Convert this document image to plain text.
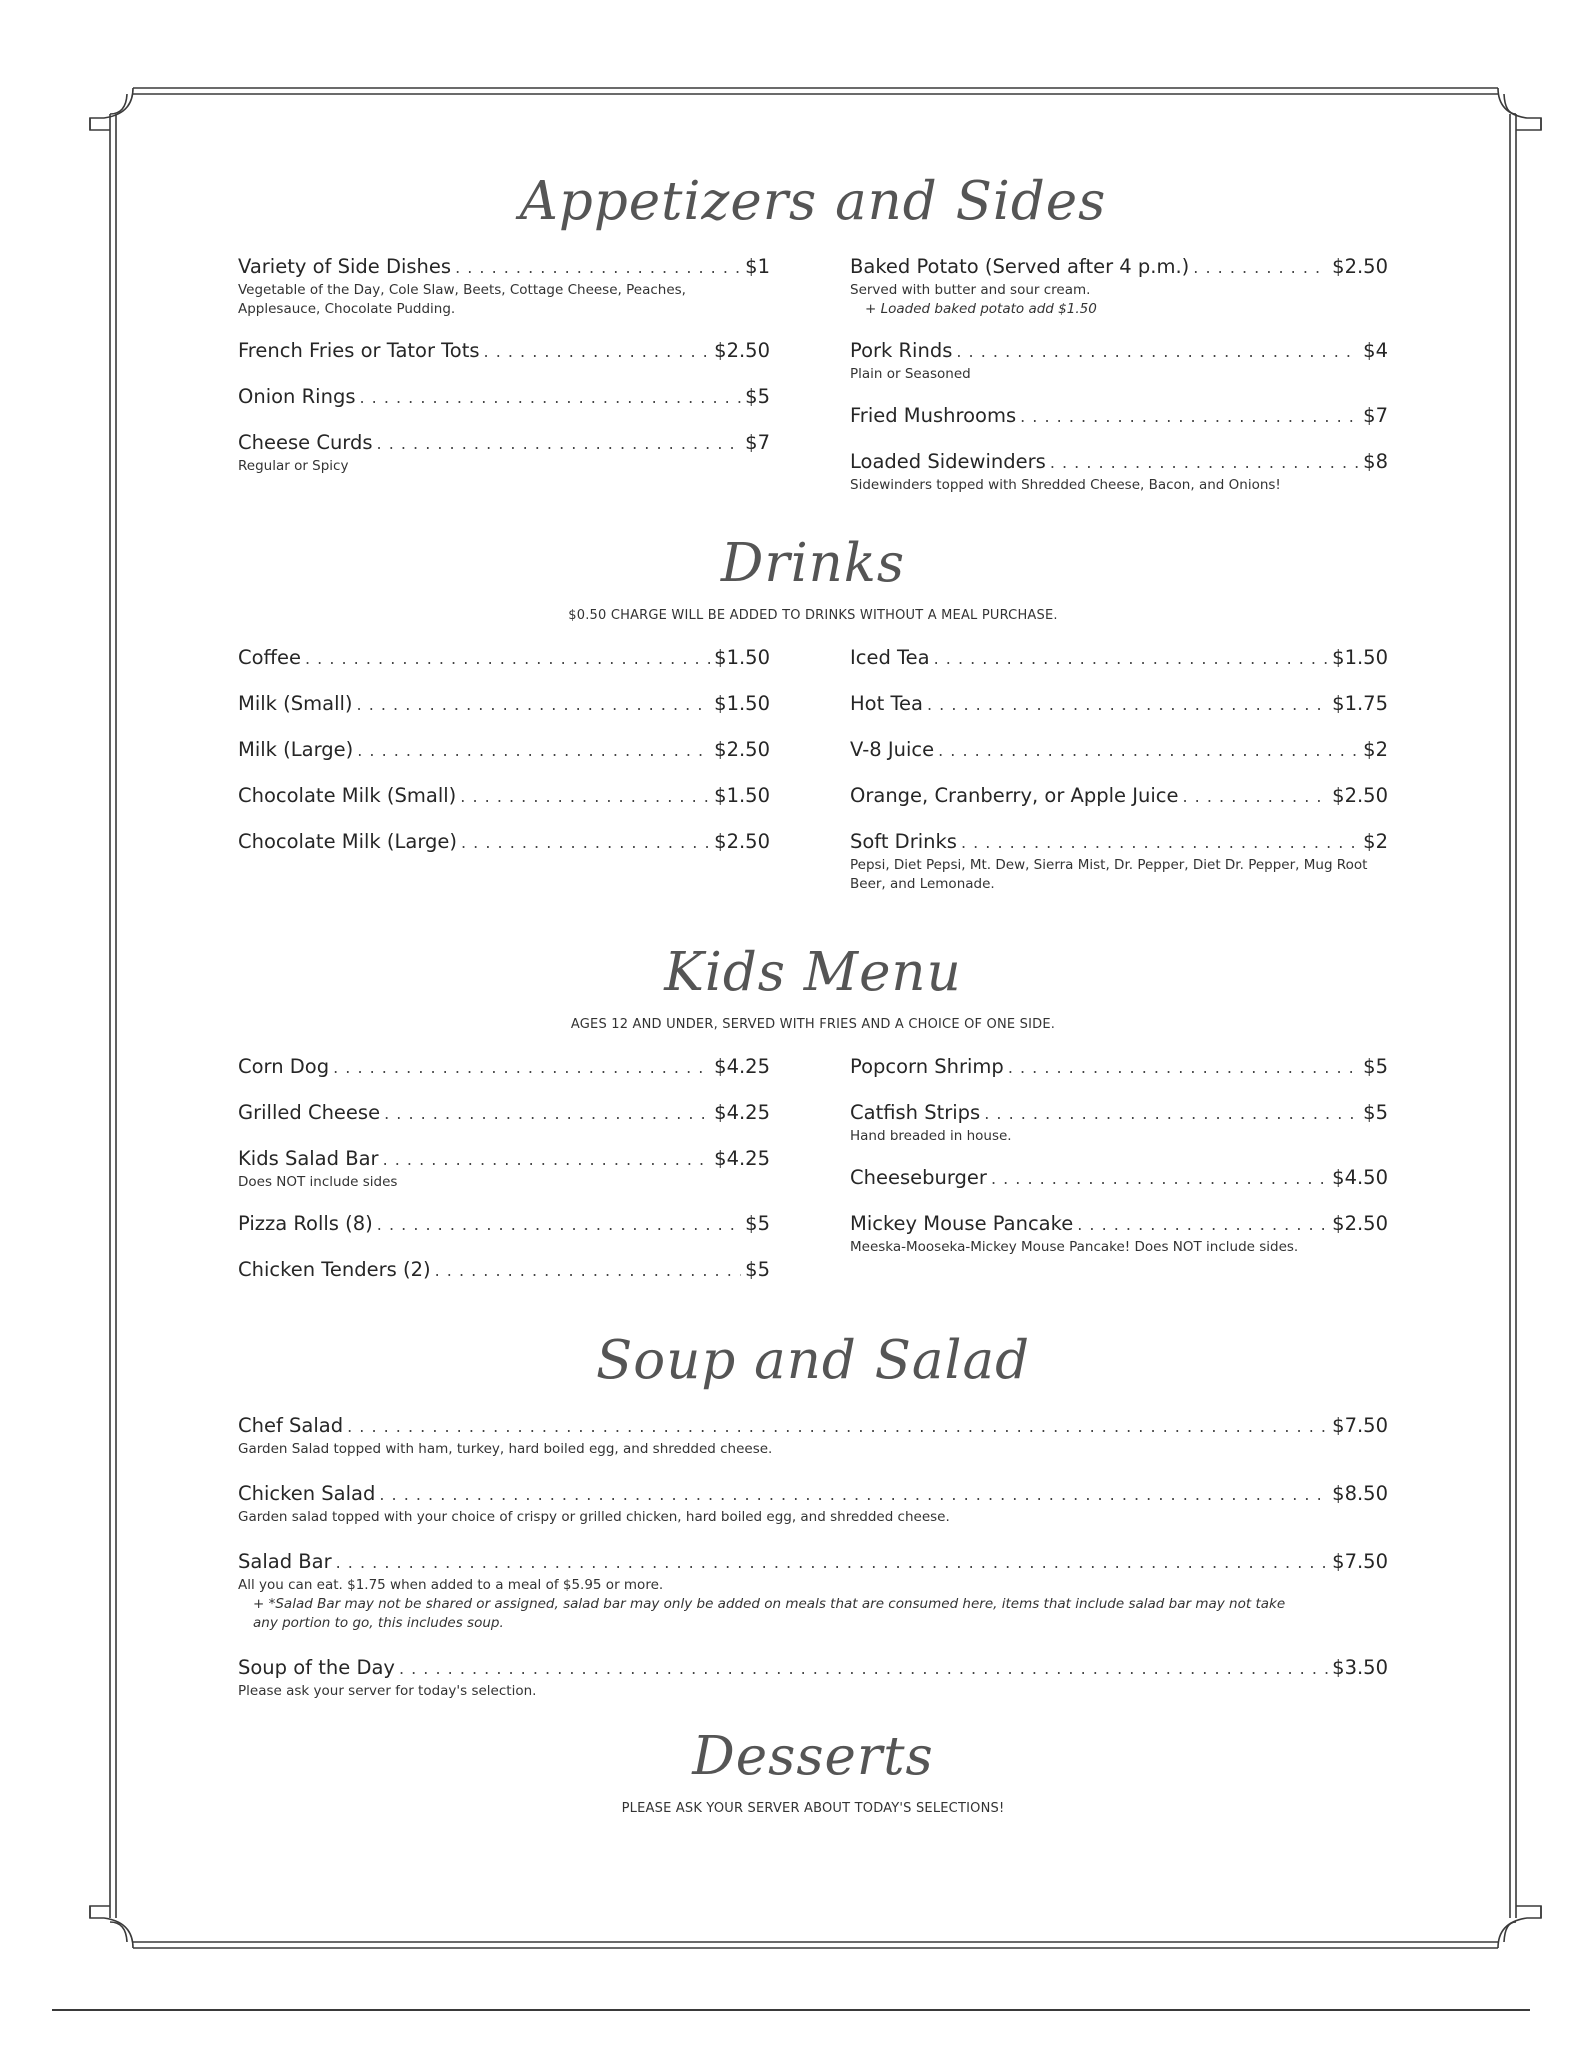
Appetizers and Sides
Variety of Side Dishes . . .	$1
Vegetable of the Day, Cole Slaw, Beets, Cottage Cheese, Peaches, Applesauce, Chocolate Pudding.
French Fries or Tator Tots . . .	$2.50
Onion Rings . . .	$5
Cheese Curds . . .	$7
Regular or Spicy
Baked Potato (Served after 4 p.m.) . . .	$2.50
Served with butter and sour cream.
+ Loaded baked potato add $1.50
Pork Rinds . . .	$4
Plain or Seasoned
Fried Mushrooms . . .	$7
Loaded Sidewinders . . .	$8
Sidewinders topped with Shredded Cheese, Bacon, and Onions!
Drinks
$0.50 CHARGE WILL BE ADDED TO DRINKS WITHOUT A MEAL PURCHASE.
Coffee . . .	$1.50
Milk (Small) . . .	$1.50
Milk (Large) . . .	$2.50
Chocolate Milk (Small) . . .	$1.50
Chocolate Milk (Large) . . .	$2.50
Iced Tea . . .	$1.50
Hot Tea . . .	$1.75
V-8 Juice . . .	$2
Orange, Cranberry, or Apple Juice . . .	$2.50
Soft Drinks . . .	$2
Pepsi, Diet Pepsi, Mt. Dew, Sierra Mist, Dr. Pepper, Diet Dr. Pepper, Mug Root Beer, and Lemonade.
Kids Menu
AGES 12 AND UNDER, SERVED WITH FRIES AND A CHOICE OF ONE SIDE.
Corn Dog . . .	$4.25
Grilled Cheese . . .	$4.25
Kids Salad Bar . . .	$4.25
Does NOT include sides
Pizza Rolls (8) . . .	$5
Chicken Tenders (2) . . .	$5
Popcorn Shrimp . . .	$5
Catfish Strips . . .	$5
Hand breaded in house.
Cheeseburger . . .	$4.50
Mickey Mouse Pancake . . .	$2.50
Meeska-Mooseka-Mickey Mouse Pancake! Does NOT include sides.
Soup and Salad
Chef Salad . . .	$7.50
Garden Salad topped with ham, turkey, hard boiled egg, and shredded cheese.
Chicken Salad . . .	$8.50
Garden salad topped with your choice of crispy or grilled chicken, hard boiled egg, and shredded cheese.
Salad Bar . . .	$7.50
All you can eat. $1.75 when added to a meal of $5.95 or more.
+ *Salad Bar may not be shared or assigned, salad bar may only be added on meals that are consumed here, items that include salad bar may not take any portion to go, this includes soup.
Soup of the Day . . .	$3.50
Please ask your server for today's selection.
Desserts
PLEASE ASK YOUR SERVER ABOUT TODAY'S SELECTIONS!
